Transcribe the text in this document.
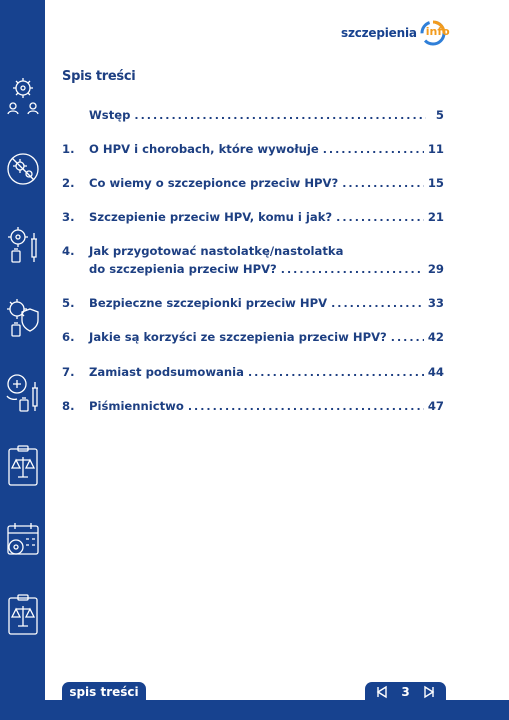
szczepienia info
Spis treści
Wstęp .....	5
1.	O HPV i chorobach, które wywołuje .....	11
2.	Co wiemy o szczepionce przeciw HPV? .....	15
3.	Szczepienie przeciw HPV, komu i jak? .....	21
4.	Jak przygotować nastolatkę/nastolatka
do szczepienia przeciw HPV? .....	29
5.	Bezpieczne szczepionki przeciw HPV .....	33
6.	Jakie są korzyści ze szczepienia przeciw HPV? .....	42
7.	Zamiast podsumowania .....	44
8.	Piśmiennictwo .....	47
spis treści	3
